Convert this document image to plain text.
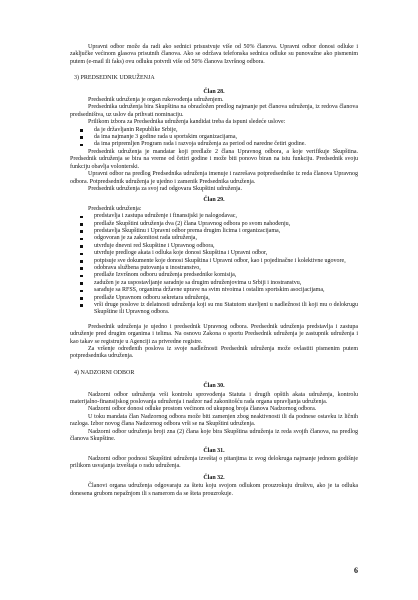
Upravni odbor može da radi ako sednici prisustvuje više od 50% članova. Upravni odbor donosi odluke i zaključke većinom glasova prisutnih članova. Ako se održava telefonska sednica odluke su punovažne ako pismenim putem (e-mail ili faks) ovu odluku potvrdi više od 50% članova Izvršnog odbora.

3) PREDSEDNIK UDRUŽENJA

Član 28.

Predsednik udruženja je organ rukovođenja udruženjem.

Predsednika udruženja bira Skupština na obrazložen predlog najmanje pet članova udruženja, iz redova članova predsedništva, uz uslov da prihvati nominaciju.

Prilikom izbora za Predsednika udruženja kandidat treba da ispuni sledeće uslove:

da je državljanin Republike Srbije,
da ima najmanje 3 godine rada u sportskim organizacijama,
da ima pripremljen Program rada i razvoja udruženja za period od naredne četiri godine.

Predsednik udruženja je mandatar koji predlaže 2 člana Upravnog odbora, a koje verifikuje Skupština. Predsednik udruženja se bira na vreme od četiri godine i može biti ponovo biran na istu funkciju. Predsednik svoju funkciju obavlja volonterski.

Upravni odbor na predlog Predsednika udruženja imenuje i razrešava potpredsednike iz reda članova Upravnog odbora. Potpredsednik udruženja je ujedno i zamenik Predsednika udruženja.

Predsednik udruženja za svoj rad odgovara Skupštini udruženja.

Član 29.

Predsednik udruženja:

predstavlja i zastupa udruženje i finansijski je nalogodavac,
predlaže Skupštini udruženja dva (2) člana Upravnog odbora po svom nahođenju,
predstavlja Skupštinu i Upravni odbor prema drugim licima i organizacijama,
odgovoran je za zakonitost rada udruženja,
utvrđuje dnevni red Skupštine i Upravnog odbora,
utvrđuje predloge akata i odluka koje donosi Skupština i Upravni odbor,
potpisuje sve dokumente koje donosi Skupština i Upravni odbor, kao i pojedinačne i kolektivne ugovore,
odobrava službena putovanja u inostranstvo,
predlaže Izvršnom odboru udruženja predsednike komisija,
zadužen je za uspostavljanje saradnje sa drugim udruženjovima u Srbiji i inostranstvu,
sarađuje sa RFSS, organima državne uprave na svim nivoima i ostalim sportskim asocijacijama,
predlaže Upravnom odboru sekretara udruženja,
vrši druge poslove iz delatnosti udruženja koji su mu Statutom stavljeni u nadležnost ili koji mu o delokrugu Skupštine ili Upravnog odbora.

Predsednik udruženja je ujedno i predsednik Upravnog odbora. Predsednik udruženja predstavlja i zastupa udruženje pred drugim organima i telima. Na osnovu Zakona o sportu Predsednik udruženja je zastupnik udruženja i kao takav se registruje u Agenciji za privredne registre.

Za vršenje određenih poslova iz svoje nadležnosti Predsednik udruženja može ovlastiti pismenim putem potpredsednika udruženja.

4) NADZORNI ODBOR

Član 30.

Nadzorni odbor udruženja vrši kontrolu sprovođenja Statuta i drugih opštih akata udruženja, kontrolu materijalno-finansijskog poslovanja udruženja i nadzor nad zakonitošću rada organa upravljanja udruženja.

Nadzorni odbor donosi odluke prostom većinom od ukupnog broja članova Nadzornog odbora.

U toku mandata član Nadzornog odbora može biti zamenjen zbog neaktivnosti ili da podnese ostavku iz ličnih razloga. Izbor novog člana Nadzornog odbora vrši se na Skupštini udruženja.

Nadzorni odbor udruženja broji zna (2) člana koje bira Skupština udruženja iz reda svojih članova, na predlog članova Skupštine.

Član 31.

Nadzorni odbor podnosi Skupštini udruženja izveštaj o pitanjima iz svog delokruga najmanje jednom godišnje prilikom usvajanja izveštaja o radu udruženja.

Član 32.

Članovi organa udruženja odgovaraju za štetu koju svojom odlukom prouzrokuju društvu, ako je ta odluka donesena grubom nepažnjom ili s namerom da se šteta prouzrokuje.

6
